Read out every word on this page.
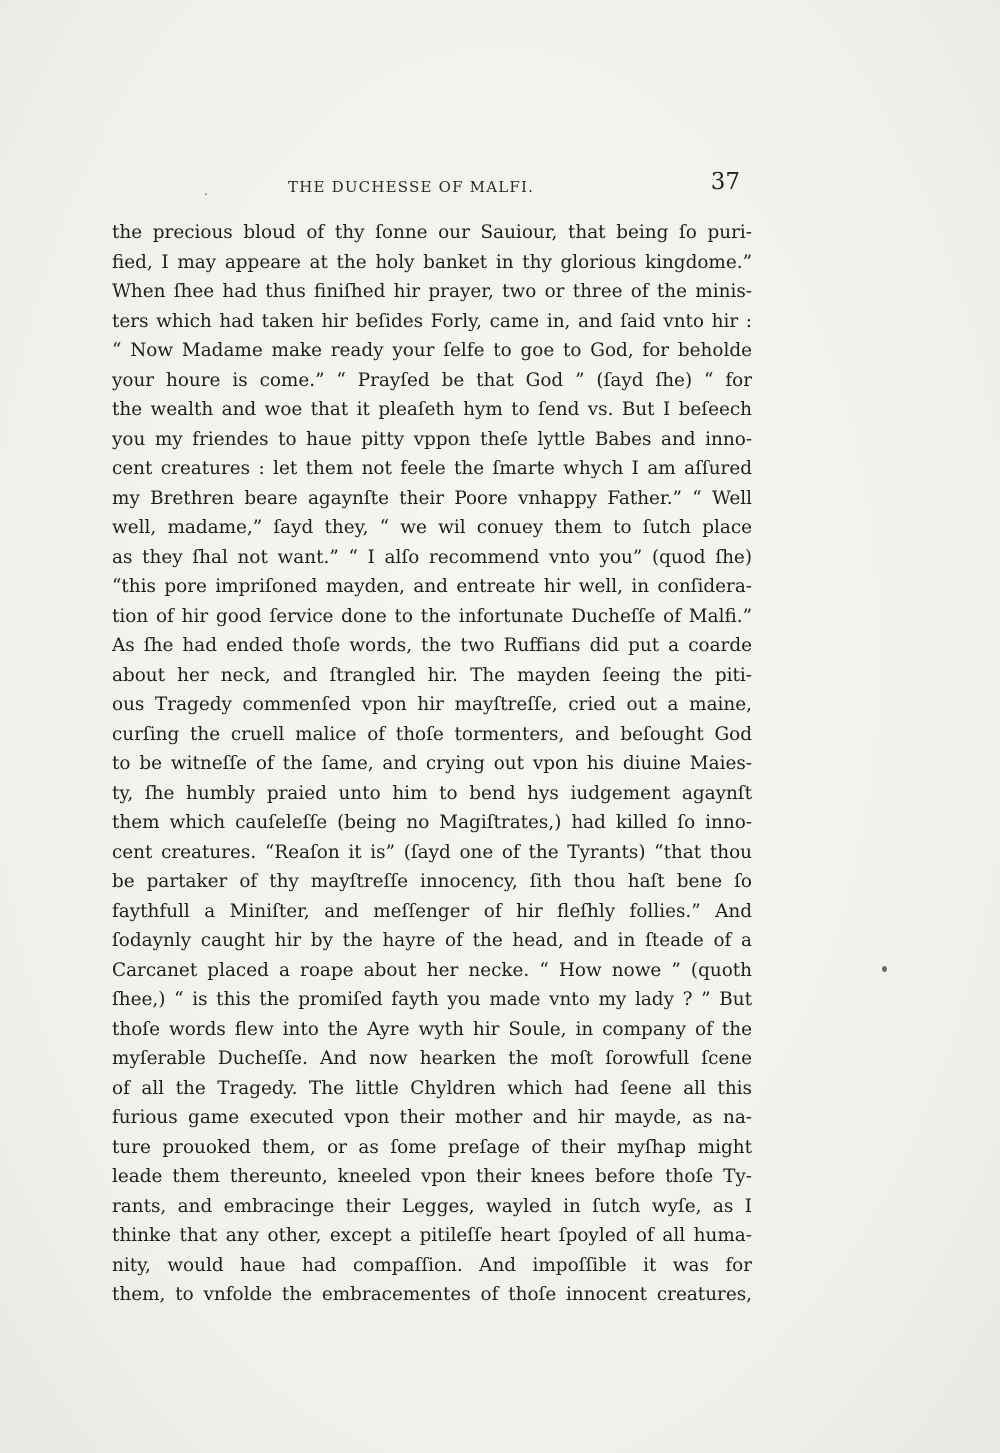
.	THE DUCHESSE OF MALFI.	37
the precious bloud of thy ſonne our Sauiour, that being ſo puri-
fied, I may appeare at the holy banket in thy glorious kingdome.”
When ſhee had thus finiſhed hir prayer, two or three of the minis-
ters which had taken hir beſides Forly, came in, and ſaid vnto hir :
“ Now Madame make ready your ſelfe to goe to God, for beholde
your houre is come.” “ Prayſed be that God ” (ſayd ſhe) “ for
the wealth and woe that it pleaſeth hym to ſend vs. But I beſeech
you my friendes to haue pitty vppon theſe lyttle Babes and inno-
cent creatures : let them not feele the ſmarte whych I am aſſured
my Brethren beare agaynſte their Poore vnhappy Father.” “ Well
well, madame,” ſayd they, “ we wil conuey them to ſutch place
as they ſhal not want.” “ I alſo recommend vnto you” (quod ſhe)
“this pore impriſoned mayden, and entreate hir well, in conſidera-
tion of hir good ſervice done to the infortunate Ducheſſe of Malfi.”
As ſhe had ended thoſe words, the two Ruffians did put a coarde
about her neck, and ſtrangled hir. The mayden ſeeing the piti-
ous Tragedy commenſed vpon hir mayſtreſſe, cried out a maine,
curſing the cruell malice of thoſe tormenters, and beſought God
to be witneſſe of the ſame, and crying out vpon his diuine Maies-
ty, ſhe humbly praied unto him to bend hys iudgement agaynſt
them which cauſeleſſe (being no Magiſtrates,) had killed ſo inno-
cent creatures. “Reaſon it is” (ſayd one of the Tyrants) “that thou
be partaker of thy mayſtreſſe innocency, ſith thou haſt bene ſo
faythfull a Miniſter, and meſſenger of hir fleſhly follies.” And
ſodaynly caught hir by the hayre of the head, and in ſteade of a
Carcanet placed a roape about her necke. “ How nowe ” (quoth
ſhee,) “ is this the promiſed fayth you made vnto my lady ? ” But
thoſe words flew into the Ayre wyth hir Soule, in company of the
myſerable Ducheſſe. And now hearken the moſt ſorowfull ſcene
of all the Tragedy. The little Chyldren which had ſeene all this
furious game executed vpon their mother and hir mayde, as na-
ture prouoked them, or as ſome preſage of their myſhap might
leade them thereunto, kneeled vpon their knees before thoſe Ty-
rants, and embracinge their Legges, wayled in ſutch wyſe, as I
thinke that any other, except a pitileſſe heart ſpoyled of all huma-
nity, would haue had compaſſion. And impoſſible it was for
them, to vnfolde the embracementes of thoſe innocent creatures,
